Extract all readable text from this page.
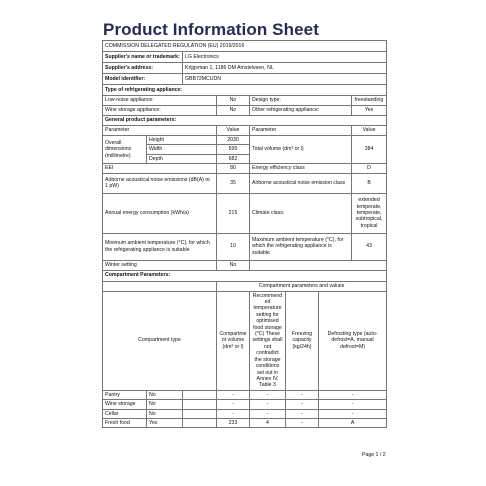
Product Information Sheet
COMMISSION DELEGATED REGULATION (EU) 2019/2016							
Supplier's name or trademark:		LG Electronics					
Supplier's address:		Krijgsman 1, 1186 DM Amstelveen, NL					
Model identifier:		GBB72MCUDN					
Type of refrigerating appliance:							
Low-noise appliance:			No	Design type:			freestanding
Wine storage appliance:			No	Other refrigerating appliance:			Yes
General product parameters:							
Parameter			Value	Parameter			Value
Overall dimensions (millimetre)	Height		2030	Total volume (dm³ or l)			384
	Width		595				
	Depth		682				
EEI			80	Energy efficiency class			D
Airborne acoustical noise emissions (dB(A) re 1 pW)			35	Airborne acoustical noise emission class			B
Annual energy consumption (kWh/a)			215	Climate class:			extended temperate, temperate, subtropical, tropical
Minimum ambient temperature (°C), for which the refrigerating appliance is suitable			10	Maximum ambient temperature (°C), for which the refrigerating appliance is suitable			43
Winter setting			No				
Compartment Parameters:							
			Compartment parameters and values				
Compartment type			Compartment volume (dm³ or l)	Recommended temperature setting for optimised food storage (°C) These settings shall not contradict the storage conditions set out in Annex IV, Table 3	Freezing capacity (kg/24h)	Defrosting type (auto-defrost=A, manual defrost=M)	
Pantry	No		-	-	-	-	
Wine storage	No		-	-	-	-	
Cellar	No		-	-	-	-	
Fresh food	Yes		233	4	-	A	
Page 1 / 2
